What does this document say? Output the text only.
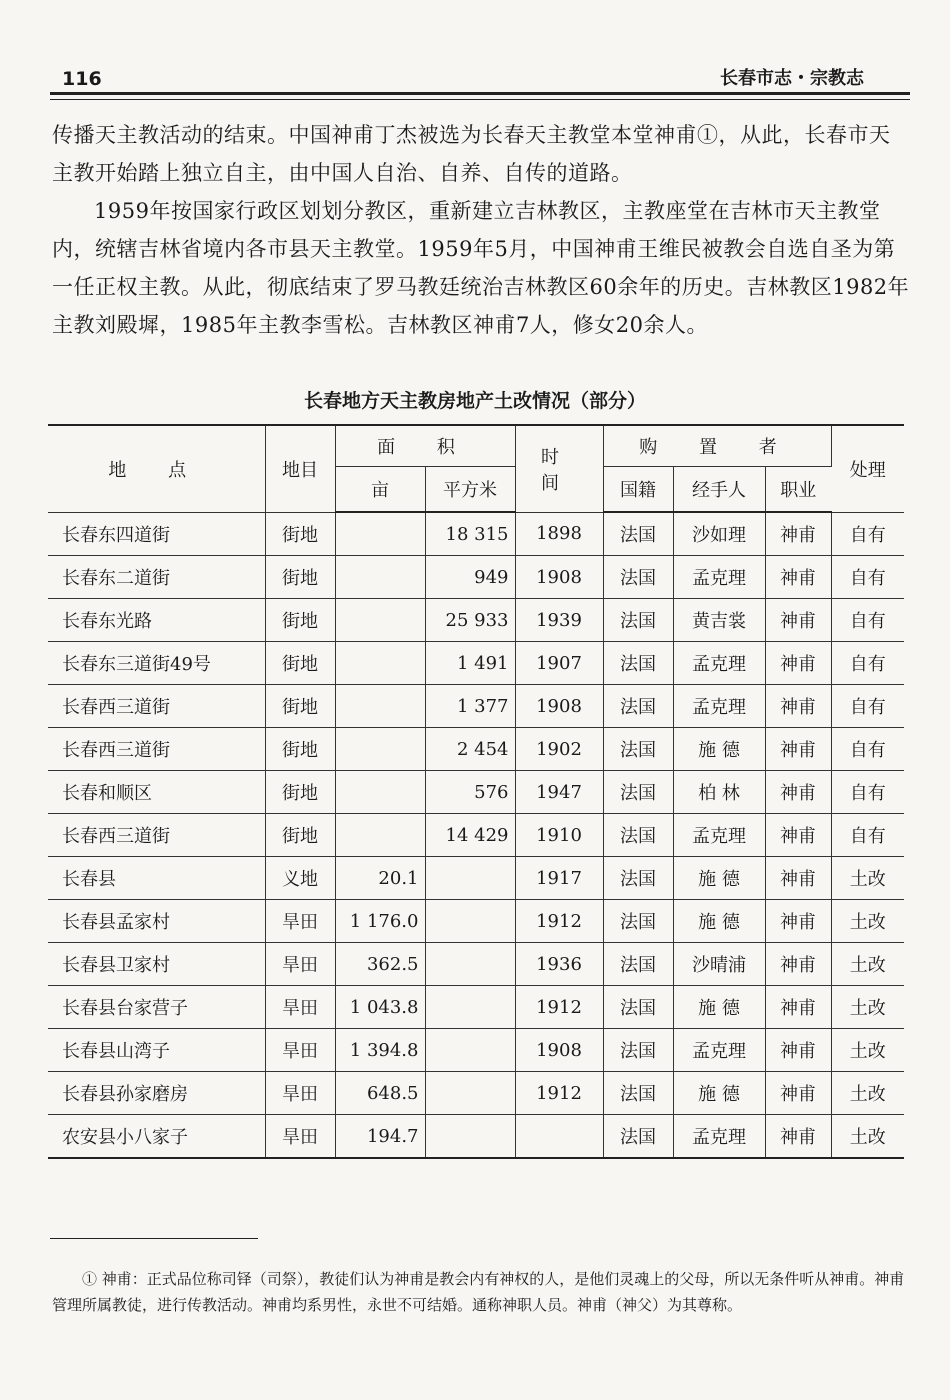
116	长春市志・宗教志

传播天主教活动的结束。中国神甫丁杰被选为长春天主教堂本堂神甫①，从此，长春市天主教开始踏上独立自主，由中国人自治、自养、自传的道路。

1959年按国家行政区划划分教区，重新建立吉林教区，主教座堂在吉林市天主教堂内，统辖吉林省境内各市县天主教堂。1959年5月，中国神甫王维民被教会自选自圣为第一任正权主教。从此，彻底结束了罗马教廷统治吉林教区60余年的历史。吉林教区1982年主教刘殿墀，1985年主教李雪松。吉林教区神甫7人，修女20余人。

长春地方天主教房地产土改情况（部分）
地 点	地目	面 积		时 间	购 置 者			处理
		亩	平方米		国籍	经手人	职业	
长春东四道街	街地		18 315	1898	法国	沙如理	神甫	自有
长春东二道街	街地		949	1908	法国	孟克理	神甫	自有
长春东光路	街地		25 933	1939	法国	黄吉裳	神甫	自有
长春东三道街49号	街地		1 491	1907	法国	孟克理	神甫	自有
长春西三道街	街地		1 377	1908	法国	孟克理	神甫	自有
长春西三道街	街地		2 454	1902	法国	施 德	神甫	自有
长春和顺区	街地		576	1947	法国	柏 林	神甫	自有
长春西三道街	街地		14 429	1910	法国	孟克理	神甫	自有
长春县	义地	20.1		1917	法国	施 德	神甫	土改
长春县孟家村	旱田	1 176.0		1912	法国	施 德	神甫	土改
长春县卫家村	旱田	362.5		1936	法国	沙晴浦	神甫	土改
长春县台家营子	旱田	1 043.8		1912	法国	施 德	神甫	土改
长春县山湾子	旱田	1 394.8		1908	法国	孟克理	神甫	土改
长春县孙家磨房	旱田	648.5		1912	法国	施 德	神甫	土改
农安县小八家子	旱田	194.7			法国	孟克理	神甫	土改

① 神甫：正式品位称司铎（司祭），教徒们认为神甫是教会内有神权的人，是他们灵魂上的父母，所以无条件听从神甫。神甫管理所属教徒，进行传教活动。神甫均系男性，永世不可结婚。通称神职人员。神甫（神父）为其尊称。
